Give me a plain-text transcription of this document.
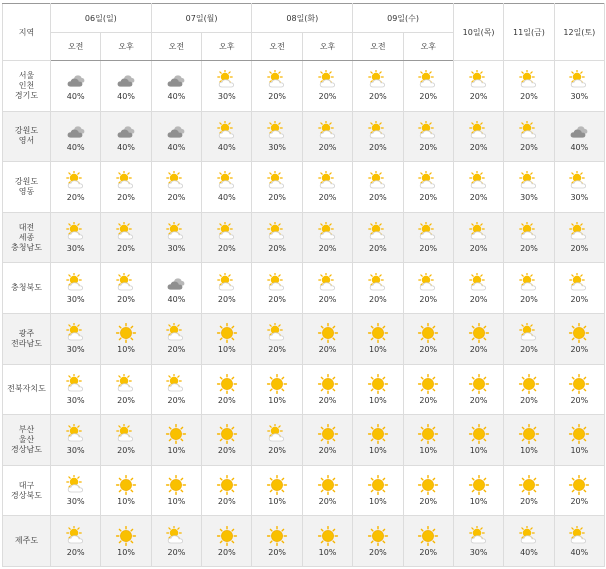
지역	06일(일)		07일(월)		08일(화)		09일(수)		10일(목)	11일(금)	12일(토)
	오전	오후	오전	오후	오전	오후	오전	오후			

서울
인천
경기도	40%	40%	40%	30%	20%	20%	20%	20%	20%	20%	30%

강원도
영서	40%	40%	40%	40%	30%	20%	20%	20%	20%	20%	40%

강원도
영동	20%	20%	20%	40%	20%	20%	20%	20%	20%	30%	30%

대전
세종
충청남도	30%	20%	30%	20%	20%	20%	20%	20%	20%	20%	20%

충청북도	30%	20%	40%	20%	20%	20%	20%	20%	20%	20%	20%

광주
전라남도	30%	10%	20%	10%	20%	20%	10%	20%	20%	20%	20%

전북자치도	30%	20%	20%	20%	10%	20%	10%	20%	20%	20%	20%

부산
울산
경상남도	30%	20%	10%	20%	20%	20%	10%	10%	10%	10%	10%

대구
경상북도	30%	10%	10%	20%	10%	20%	10%	20%	10%	20%	20%

제주도	20%	10%	20%	20%	20%	10%	20%	20%	30%	40%	40%
